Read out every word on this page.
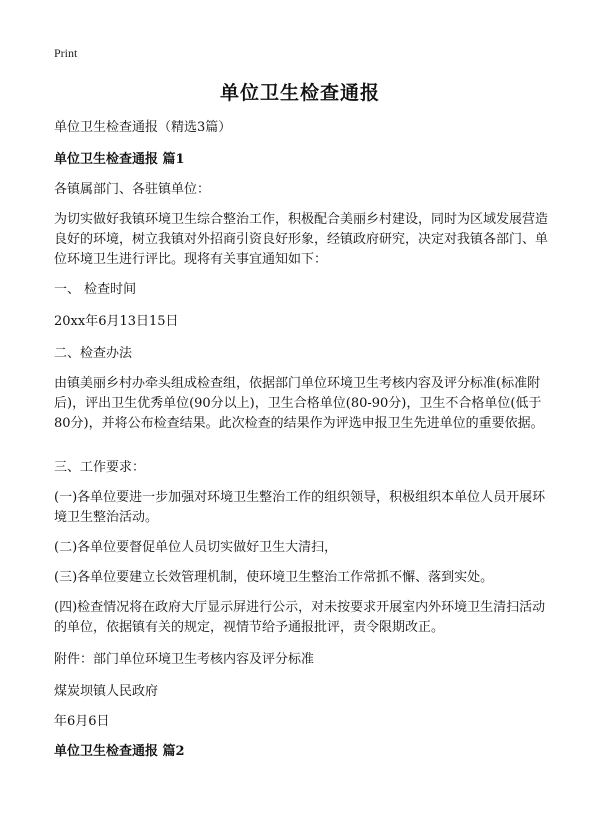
Print
单位卫生检查通报
单位卫生检查通报（精选3篇）
单位卫生检查通报 篇1
各镇属部门、各驻镇单位：
为切实做好我镇环境卫生综合整治工作，积极配合美丽乡村建设，同时为区域发展营造良好的环境，树立我镇对外招商引资良好形象，经镇政府研究，决定对我镇各部门、单位环境卫生进行评比。现将有关事宜通知如下：
一、 检查时间
20xx年6月13日15日
二、检查办法
由镇美丽乡村办牵头组成检查组，依据部门单位环境卫生考核内容及评分标准(标准附后)，评出卫生优秀单位(90分以上)，卫生合格单位(80-90分)，卫生不合格单位(低于80分)，并将公布检查结果。此次检查的结果作为评选申报卫生先进单位的重要依据。
三、工作要求：
(一)各单位要进一步加强对环境卫生整治工作的组织领导，积极组织本单位人员开展环境卫生整治活动。
(二)各单位要督促单位人员切实做好卫生大清扫，
(三)各单位要建立长效管理机制，使环境卫生整治工作常抓不懈、落到实处。
(四)检查情况将在政府大厅显示屏进行公示，对未按要求开展室内外环境卫生清扫活动的单位，依据镇有关的规定，视情节给予通报批评，责令限期改正。
附件：部门单位环境卫生考核内容及评分标准
煤炭坝镇人民政府
年6月6日
单位卫生检查通报 篇2
